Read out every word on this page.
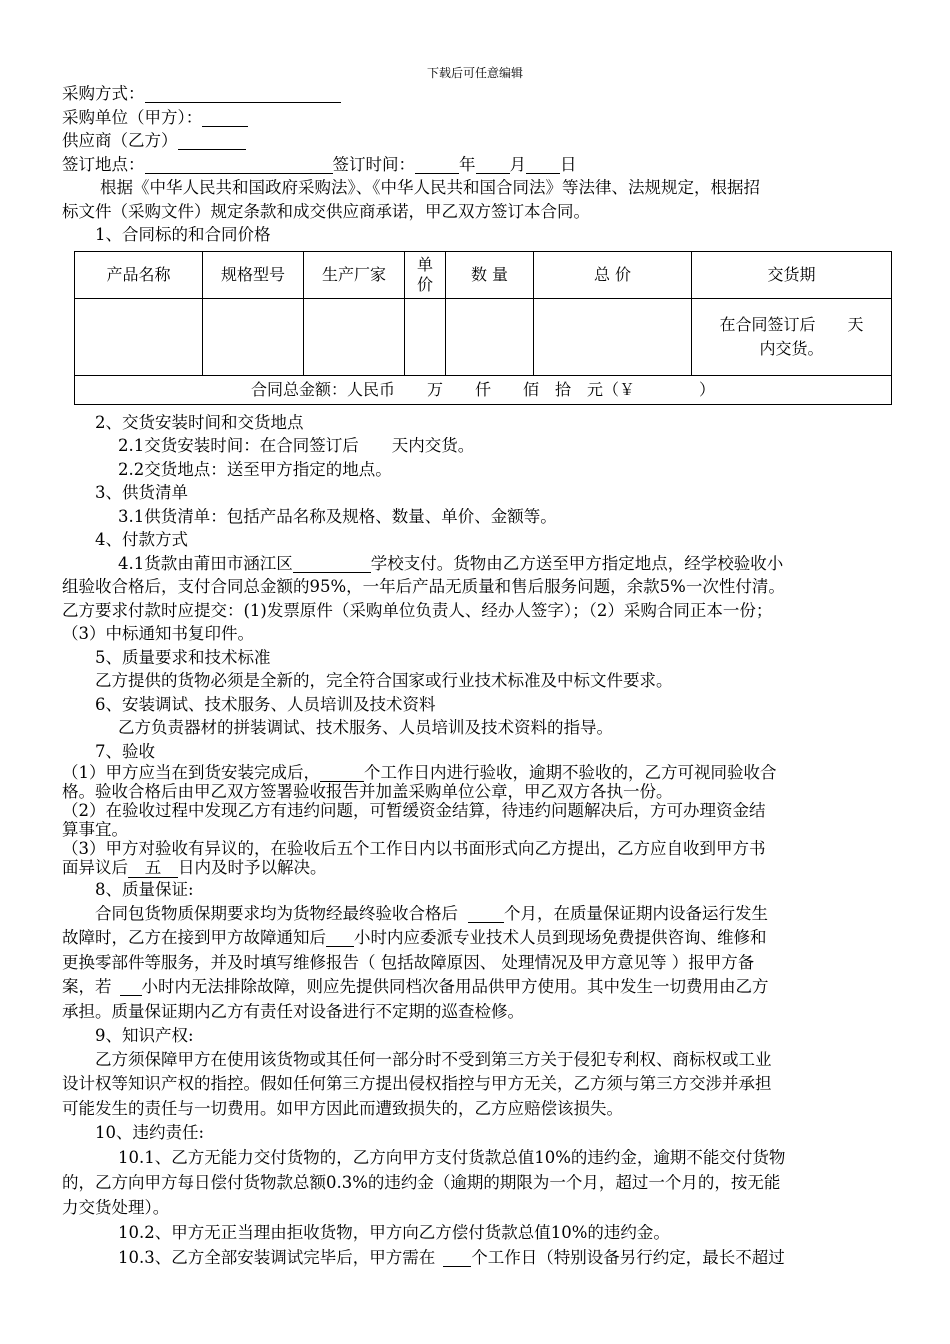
下载后可任意编辑
采购方式：
采购单位（甲方）：
供应商（乙方）
签订地点：	签订时间：	年 月 日
根据《中华人民共和国政府采购法》、《中华人民共和国合同法》等法律、法规规定，根据招
标文件（采购文件）规定条款和成交供应商承诺，甲乙双方签订本合同。
1、合同标的和合同价格
产品名称	规格型号	生产厂家	单价	数 量	总 价	交货期

						在合同签订后　　天
内交货。

合同总金额：人民币　　万　　仟　　佰　拾　元（￥　　　　）						
2、交货安装时间和交货地点
2.1交货安装时间：在合同签订后　　天内交货。
2.2交货地点：送至甲方指定的地点。
3、供货清单
3.1供货清单：包括产品名称及规格、数量、单价、金额等。
4、付款方式
4.1货款由莆田市涵江区	学校支付。货物由乙方送至甲方指定地点，经学校验收小
组验收合格后，支付合同总金额的95%，一年后产品无质量和售后服务问题，余款5%一次性付清。
乙方要求付款时应提交：(1)发票原件（采购单位负责人、经办人签字）；（2）采购合同正本一份；
（3）中标通知书复印件。
5、质量要求和技术标准
乙方提供的货物必须是全新的，完全符合国家或行业技术标准及中标文件要求。
6、安装调试、技术服务、人员培训及技术资料
乙方负责器材的拼装调试、技术服务、人员培训及技术资料的指导。
7、验收
（1）甲方应当在到货安装完成后，	个工作日内进行验收，逾期不验收的，乙方可视同验收合
格。验收合格后由甲乙双方签署验收报告并加盖采购单位公章，甲乙双方各执一份。
（2）在验收过程中发现乙方有违约问题，可暂缓资金结算，待违约问题解决后，方可办理资金结
算事宜。
（3）甲方对验收有异议的，在验收后五个工作日内以书面形式向乙方提出，乙方应自收到甲方书
面异议后 五 日内及时予以解决。
8、质量保证:
合同包货物质保期要求均为货物经最终验收合格后	个月，在质量保证期内设备运行发生
故障时，乙方在接到甲方故障通知后 小时内应委派专业技术人员到现场免费提供咨询、维修和
更换零部件等服务，并及时填写维修报告（ 包括故障原因、 处理情况及甲方意见等 ）报甲方备
案，若 小时内无法排除故障，则应先提供同档次备用品供甲方使用。其中发生一切费用由乙方
承担。质量保证期内乙方有责任对设备进行不定期的巡查检修。
9、知识产权:
乙方须保障甲方在使用该货物或其任何一部分时不受到第三方关于侵犯专利权、商标权或工业
设计权等知识产权的指控。假如任何第三方提出侵权指控与甲方无关，乙方须与第三方交涉并承担
可能发生的责任与一切费用。如甲方因此而遭致损失的，乙方应赔偿该损失。
10、违约责任:
10.1、乙方无能力交付货物的，乙方向甲方支付货款总值10%的违约金，逾期不能交付货物
的，乙方向甲方每日偿付货物款总额0.3%的违约金（逾期的期限为一个月，超过一个月的，按无能
力交货处理）。
10.2、甲方无正当理由拒收货物，甲方向乙方偿付货款总值10%的违约金。
10.3、乙方全部安装调试完毕后，甲方需在 个工作日（特别设备另行约定，最长不超过
